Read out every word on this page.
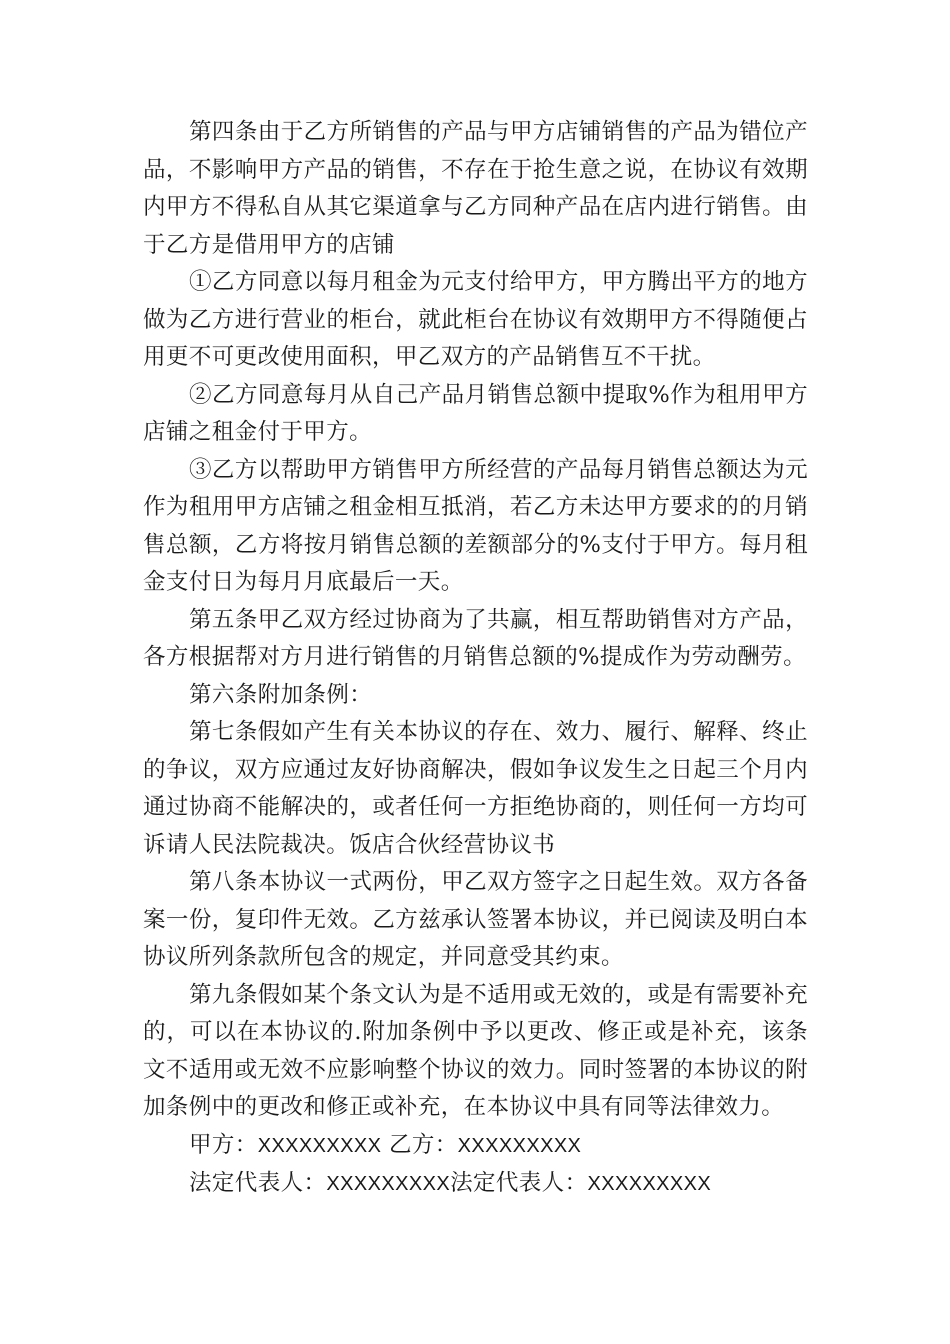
第四条由于乙方所销售的产品与甲方店铺销售的产品为错位产品，不影响甲方产品的销售，不存在于抢生意之说，在协议有效期内甲方不得私自从其它渠道拿与乙方同种产品在店内进行销售。由于乙方是借用甲方的店铺

①乙方同意以每月租金为元支付给甲方，甲方腾出平方的地方做为乙方进行营业的柜台，就此柜台在协议有效期甲方不得随便占用更不可更改使用面积，甲乙双方的产品销售互不干扰。

②乙方同意每月从自己产品月销售总额中提取%作为租用甲方店铺之租金付于甲方。

③乙方以帮助甲方销售甲方所经营的产品每月销售总额达为元作为租用甲方店铺之租金相互抵消，若乙方未达甲方要求的的月销售总额，乙方将按月销售总额的差额部分的%支付于甲方。每月租金支付日为每月月底最后一天。

第五条甲乙双方经过协商为了共赢，相互帮助销售对方产品，各方根据帮对方月进行销售的月销售总额的%提成作为劳动酬劳。

第六条附加条例：

第七条假如产生有关本协议的存在、效力、履行、解释、终止的争议，双方应通过友好协商解决，假如争议发生之日起三个月内通过协商不能解决的，或者任何一方拒绝协商的，则任何一方均可诉请人民法院裁决。饭店合伙经营协议书

第八条本协议一式两份，甲乙双方签字之日起生效。双方各备案一份，复印件无效。乙方兹承认签署本协议，并已阅读及明白本协议所列条款所包含的规定，并同意受其约束。

第九条假如某个条文认为是不适用或无效的，或是有需要补充的，可以在本协议的.附加条例中予以更改、修正或是补充，该条文不适用或无效不应影响整个协议的效力。同时签署的本协议的附加条例中的更改和修正或补充，在本协议中具有同等法律效力。

甲方：XXXXXXXXX 乙方：XXXXXXXXX

法定代表人：XXXXXXXXX法定代表人：XXXXXXXXX
